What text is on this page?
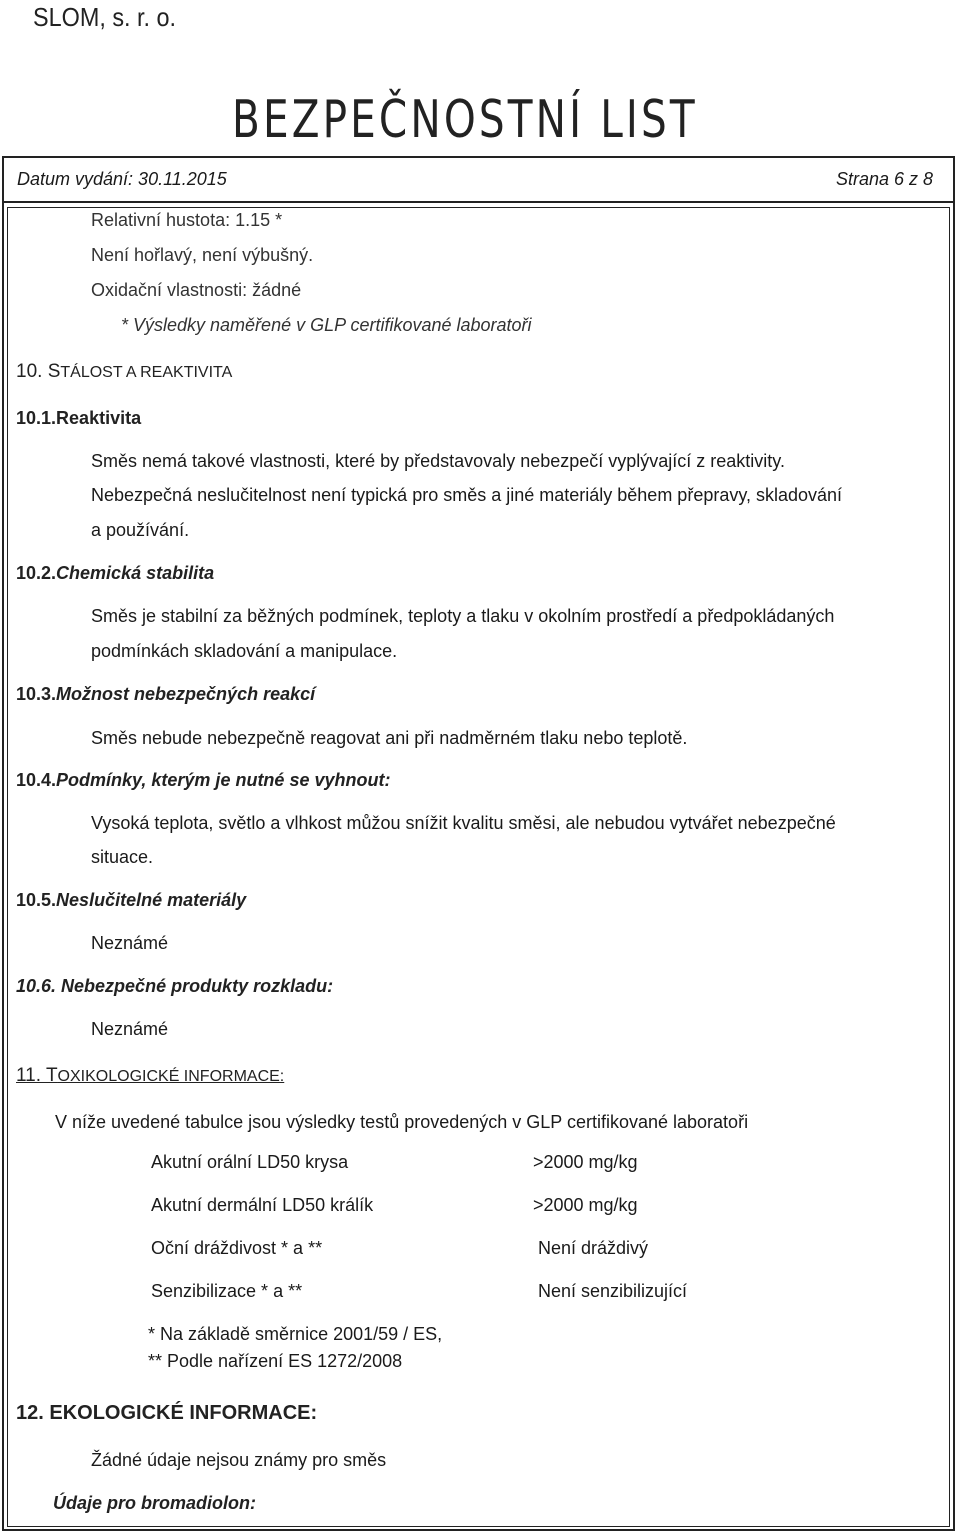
SLOM, s. r. o.
BEZPEČNOSTNÍ LIST
Datum vydání: 30.11.2015	Strana 6 z 8
Relativní hustota: 1.15 *
Není hořlavý, není výbušný.
Oxidační vlastnosti: žádné
* Výsledky naměřené v GLP certifikované laboratoři
10. STÁLOST A REAKTIVITA
10.1.Reaktivita
Směs nemá takové vlastnosti, které by představovaly nebezpečí vyplývající z reaktivity.
Nebezpečná neslučitelnost není typická pro směs a jiné materiály během přepravy, skladování
a používání.
10.2.Chemická stabilita
Směs je stabilní za běžných podmínek, teploty a tlaku v okolním prostředí a předpokládaných
podmínkách skladování a manipulace.
10.3.Možnost nebezpečných reakcí
Směs nebude nebezpečně reagovat ani při nadměrném tlaku nebo teplotě.
10.4.Podmínky, kterým je nutné se vyhnout:
Vysoká teplota, světlo a vlhkost můžou snížit kvalitu směsi, ale nebudou vytvářet nebezpečné
situace.
10.5.Neslučitelné materiály
Neznámé
10.6. Nebezpečné produkty rozkladu:
Neznámé
11. TOXIKOLOGICKÉ INFORMACE:
V níže uvedené tabulce jsou výsledky testů provedených v GLP certifikované laboratoři
Akutní orální LD50 krysa	>2000 mg/kg
Akutní dermální LD50 králík	>2000 mg/kg
Oční dráždivost * a **	Není dráždivý
Senzibilizace * a **	Není senzibilizující
* Na základě směrnice 2001/59 / ES,
** Podle nařízení ES 1272/2008
12. EKOLOGICKÉ INFORMACE:
Žádné údaje nejsou známy pro směs
Údaje pro bromadiolon:
